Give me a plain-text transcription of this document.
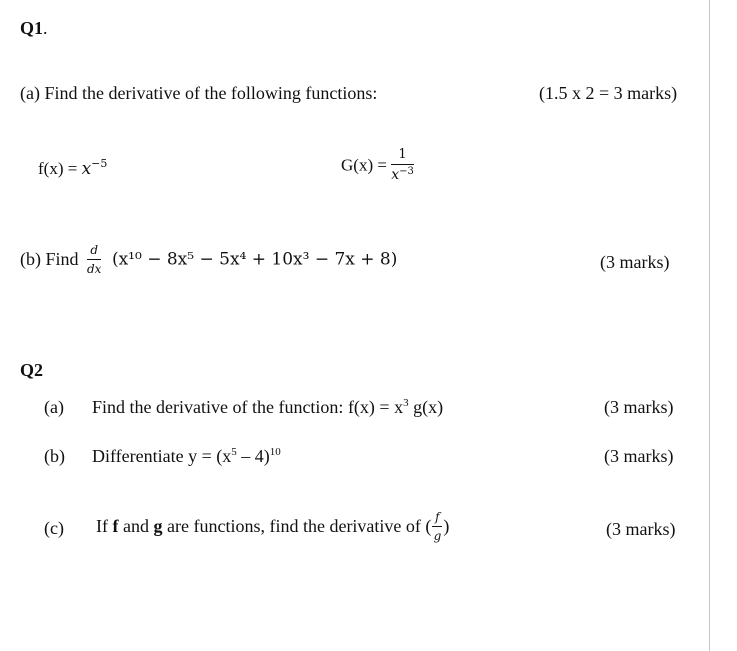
Q1.
(a) Find the derivative of the following functions:	(1.5 x 2 = 3 marks)
$f(x) = x^{-5}$	$G(x) = \frac{1}{x^{-3}}$
(b) Find $\frac{d}{dx} (x^{10} - 8x^5 - 5x^4 + 10x^3 - 7x + 8)$	(3 marks)
Q2
(a) Find the derivative of the function: $f(x) = x^3$ g(x)	(3 marks)
(b) Differentiate $y = (x^5 - 4)^{10}$	(3 marks)
(c) If f and g are functions, find the derivative of ( $\frac{f}{g}$ )	(3 marks)
